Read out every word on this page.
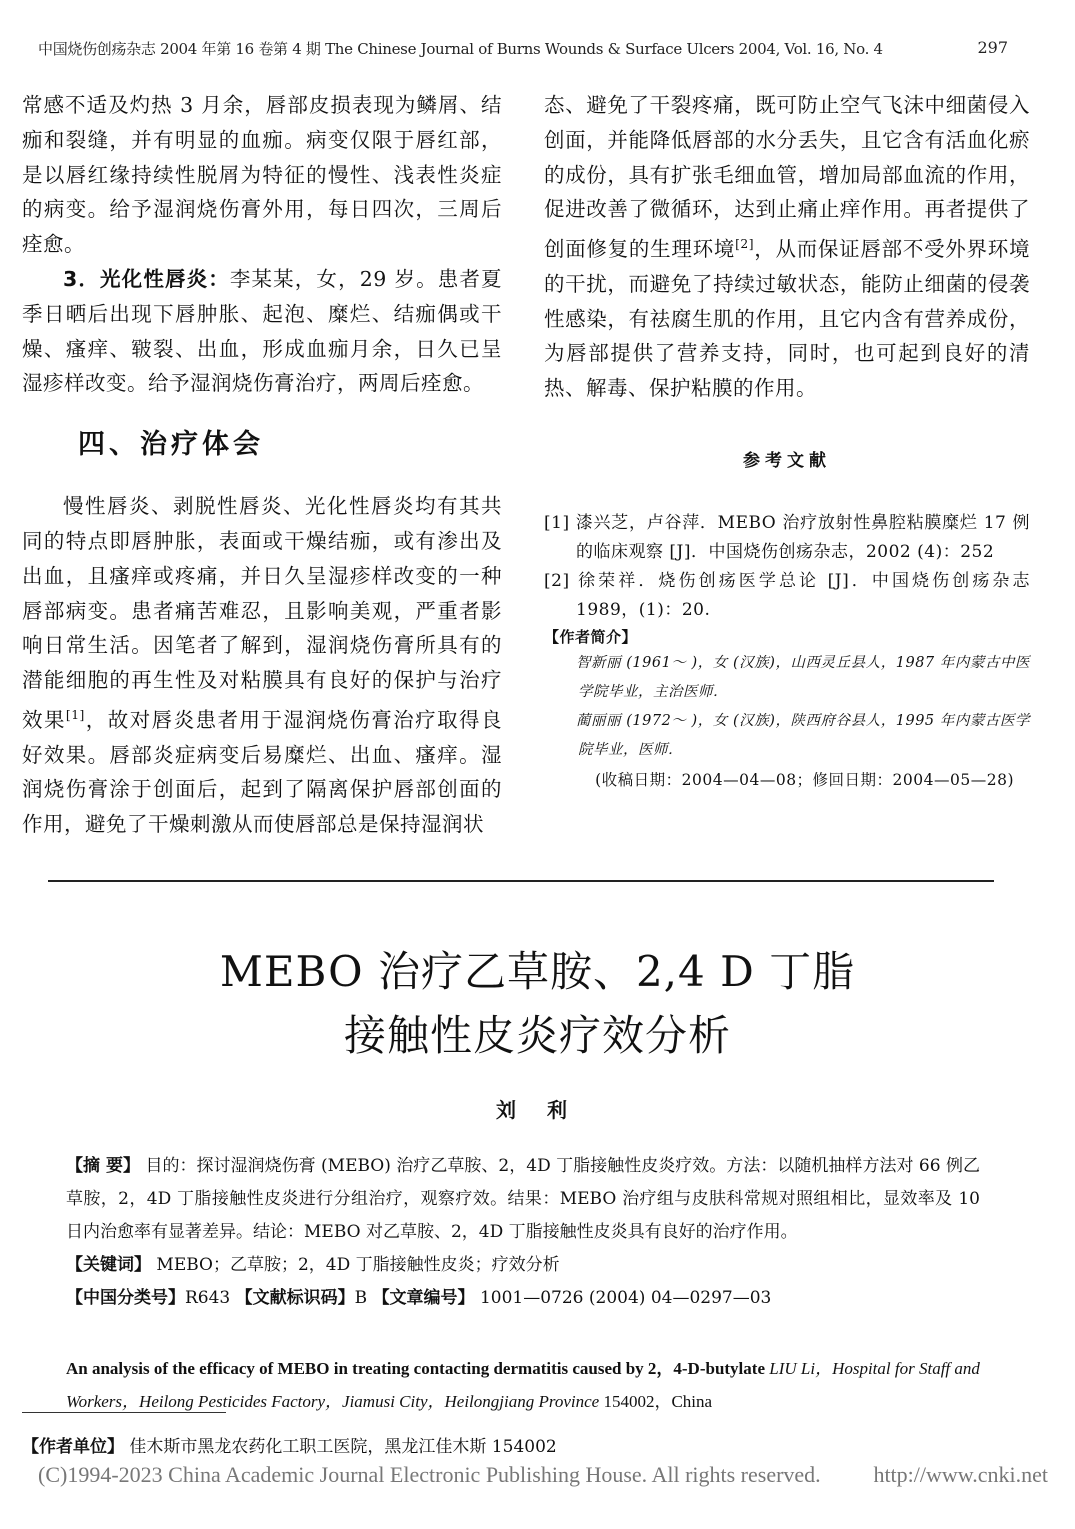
中国烧伤创疡杂志 2004 年第 16 卷第 4 期 The Chinese Journal of Burns Wounds & Surface Ulcers 2004, Vol. 16, No. 4	297

常感不适及灼热 3 月余，唇部皮损表现为鳞屑、结痂和裂缝，并有明显的血痂。病变仅限于唇红部，是以唇红缘持续性脱屑为特征的慢性、浅表性炎症的病变。给予湿润烧伤膏外用，每日四次，三周后痊愈。

3．光化性唇炎：李某某，女，29 岁。患者夏季日晒后出现下唇肿胀、起泡、糜烂、结痂偶或干燥、瘙痒、皲裂、出血，形成血痂月余，日久已呈湿疹样改变。给予湿润烧伤膏治疗，两周后痊愈。

四、治疗体会

慢性唇炎、剥脱性唇炎、光化性唇炎均有其共同的特点即唇肿胀，表面或干燥结痂，或有渗出及出血，且瘙痒或疼痛，并日久呈湿疹样改变的一种唇部病变。患者痛苦难忍，且影响美观，严重者影响日常生活。因笔者了解到，湿润烧伤膏所具有的潜能细胞的再生性及对粘膜具有良好的保护与治疗效果[1]，故对唇炎患者用于湿润烧伤膏治疗取得良好效果。唇部炎症病变后易糜烂、出血、瘙痒。湿润烧伤膏涂于创面后，起到了隔离保护唇部创面的作用，避免了干燥刺激从而使唇部总是保持湿润状

态、避免了干裂疼痛，既可防止空气飞沫中细菌侵入创面，并能降低唇部的水分丢失，且它含有活血化瘀的成份，具有扩张毛细血管，增加局部血流的作用，促进改善了微循环，达到止痛止痒作用。再者提供了创面修复的生理环境[2]，从而保证唇部不受外界环境的干扰，而避免了持续过敏状态，能防止细菌的侵袭性感染，有祛腐生肌的作用，且它内含有营养成份，为唇部提供了营养支持，同时，也可起到良好的清热、解毒、保护粘膜的作用。

参考文献

[1] 漆兴芝，卢谷萍．MEBO 治疗放射性鼻腔粘膜糜烂 17 例的临床观察 [J]．中国烧伤创疡杂志，2002 (4)：252

[2] 徐荣祥．烧伤创疡医学总论 [J]．中国烧伤创疡杂志 1989，(1)：20.

【作者简介】
智新丽 (1961～ )，女 (汉族)，山西灵丘县人，1987 年内蒙古中医学院毕业，主治医师．
蔺丽丽 (1972～ )，女 (汉族)，陕西府谷县人，1995 年内蒙古医学院毕业，医师．
(收稿日期：2004—04—08；修回日期：2004—05—28)
MEBO 治疗乙草胺、2,4 D 丁脂
接触性皮炎疗效分析
刘 利

【摘 要】 目的：探讨湿润烧伤膏 (MEBO) 治疗乙草胺、2，4D 丁脂接触性皮炎疗效。方法：以随机抽样方法对 66 例乙草胺，2，4D 丁脂接触性皮炎进行分组治疗，观察疗效。结果：MEBO 治疗组与皮肤科常规对照组相比，显效率及 10 日内治愈率有显著差异。结论：MEBO 对乙草胺、2，4D 丁脂接触性皮炎具有良好的治疗作用。

【关键词】 MEBO；乙草胺；2，4D 丁脂接触性皮炎；疗效分析

【中国分类号】R643 【文献标识码】B 【文章编号】 1001—0726 (2004) 04—0297—03

An analysis of the efficacy of MEBO in treating contacting dermatitis caused by 2，4-D-butylate LIU Li，Hospital for Staff and Workers，Heilong Pesticides Factory，Jiamusi City，Heilongjiang Province 154002，China
【作者单位】 佳木斯市黑龙农药化工职工医院，黑龙江佳木斯 154002
(C)1994-2023 China Academic Journal Electronic Publishing House. All rights reserved. http://www.cnki.net
